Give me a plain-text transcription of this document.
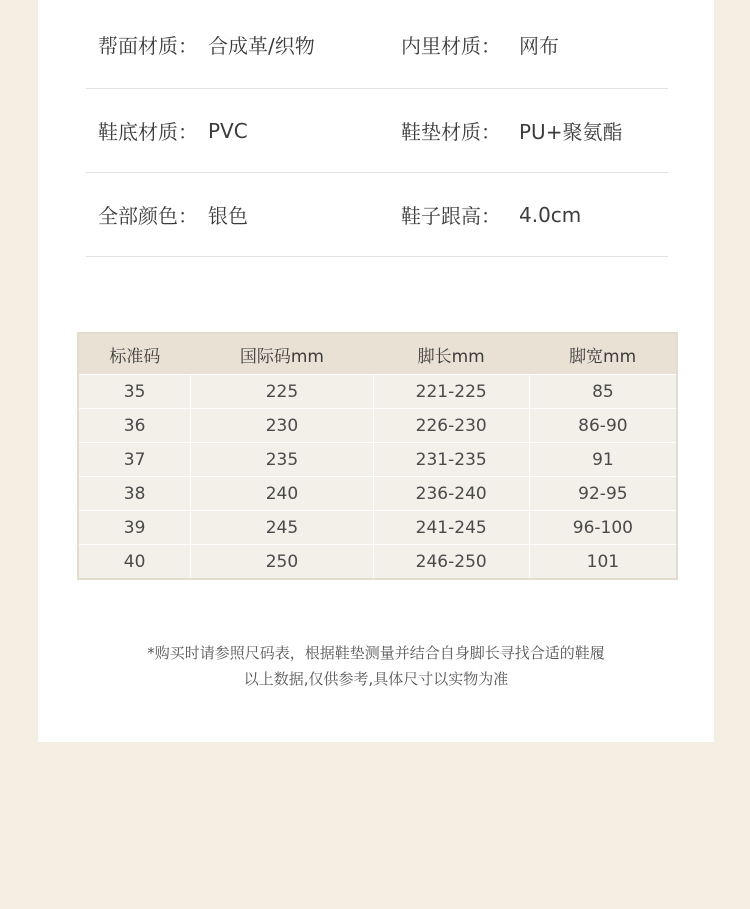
帮面材质： 合成革/织物	内里材质： 网布
鞋底材质： PVC	鞋垫材质： PU+聚氨酯
全部颜色： 银色	鞋子跟高： 4.0cm
标准码	国际码mm	脚长mm	脚宽mm
35	225	221-225	85
36	230	226-230	86-90
37	235	231-235	91
38	240	236-240	92-95
39	245	241-245	96-100
40	250	246-250	101

*购买时请参照尺码表，根据鞋垫测量并结合自身脚长寻找合适的鞋履

以上数据,仅供参考,具体尺寸以实物为准
